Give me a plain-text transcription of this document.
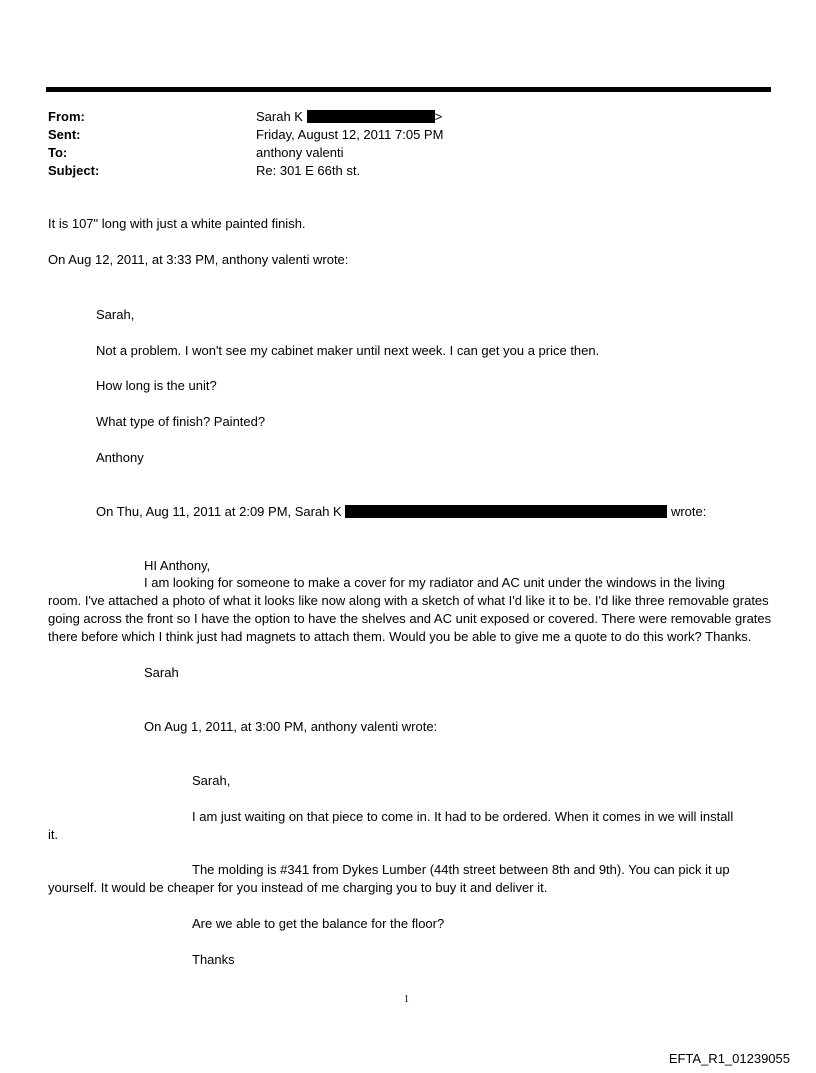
From:
Sent:
To:
Subject:
Sarah K	>
Friday, August 12, 2011 7:05 PM
anthony valenti
Re: 301 E 66th st.
It is 107" long with just a white painted finish.
On Aug 12, 2011, at 3:33 PM, anthony valenti wrote:
Sarah,
Not a problem. I won't see my cabinet maker until next week. I can get you a price then.
How long is the unit?
What type of finish? Painted?
Anthony
On Thu, Aug 11, 2011 at 2:09 PM, Sarah K	wrote:
HI Anthony,
I am looking for someone to make a cover for my radiator and AC unit under the windows in the living
room. I've attached a photo of what it looks like now along with a sketch of what I'd like it to be. I'd like three removable grates going across the front so I have the option to have the shelves and AC unit exposed or covered. There were removable grates there before which I think just had magnets to attach them. Would you be able to give me a quote to do this work? Thanks.
Sarah
On Aug 1, 2011, at 3:00 PM, anthony valenti wrote:
Sarah,
I am just waiting on that piece to come in. It had to be ordered. When it comes in we will install
it.
The molding is #341 from Dykes Lumber (44th street between 8th and 9th). You can pick it up
yourself. It would be cheaper for you instead of me charging you to buy it and deliver it.
Are we able to get the balance for the floor?
Thanks
1
EFTA_R1_01239055
